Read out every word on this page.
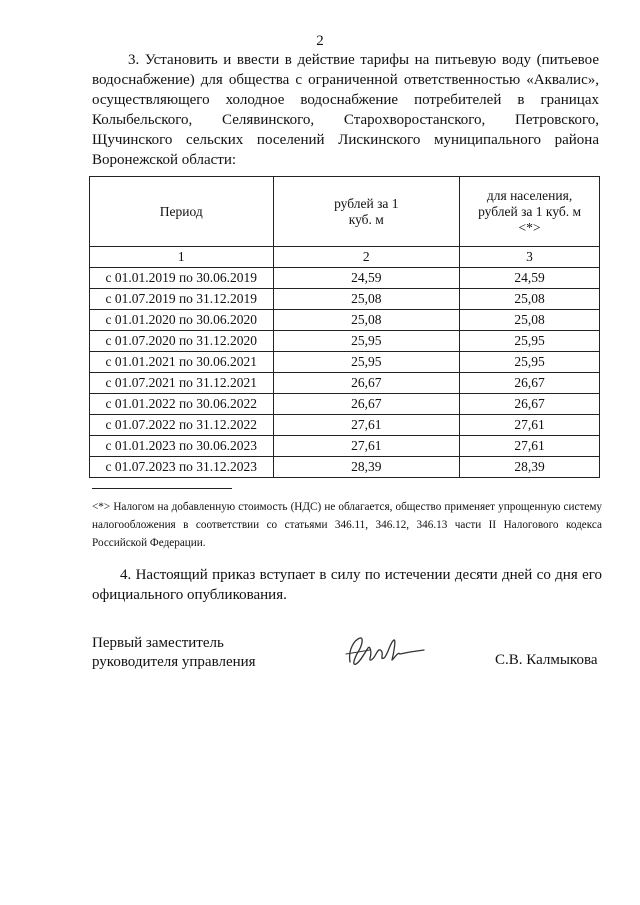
2
3. Установить и ввести в действие тарифы на питьевую воду (питьевое водоснабжение) для общества с ограниченной ответственностью «Аквалис», осуществляющего холодное водоснабжение потребителей в границах Колыбельского, Селявинского, Староxворостанского, Петровского, Щучинского сельских поселений Лискинского муниципального района Воронежской области:
Период	рублей за 1 куб. м	для населения, рублей за 1 куб. м <*>

1	2	3
с 01.01.2019 по 30.06.2019	24,59	24,59
с 01.07.2019 по 31.12.2019	25,08	25,08
с 01.01.2020 по 30.06.2020	25,08	25,08
с 01.07.2020 по 31.12.2020	25,95	25,95
с 01.01.2021 по 30.06.2021	25,95	25,95
с 01.07.2021 по 31.12.2021	26,67	26,67
с 01.01.2022 по 30.06.2022	26,67	26,67
с 01.07.2022 по 31.12.2022	27,61	27,61
с 01.01.2023 по 30.06.2023	27,61	27,61
с 01.07.2023 по 31.12.2023	28,39	28,39
<*> Налогом на добавленную стоимость (НДС) не облагается, общество применяет упрощенную систему налогообложения в соответствии со статьями 346.11, 346.12, 346.13 части II Налогового кодекса Российской Федерации.
4. Настоящий приказ вступает в силу по истечении десяти дней со дня его официального опубликования.
Первый заместитель
руководителя управления	С.В. Калмыкова
